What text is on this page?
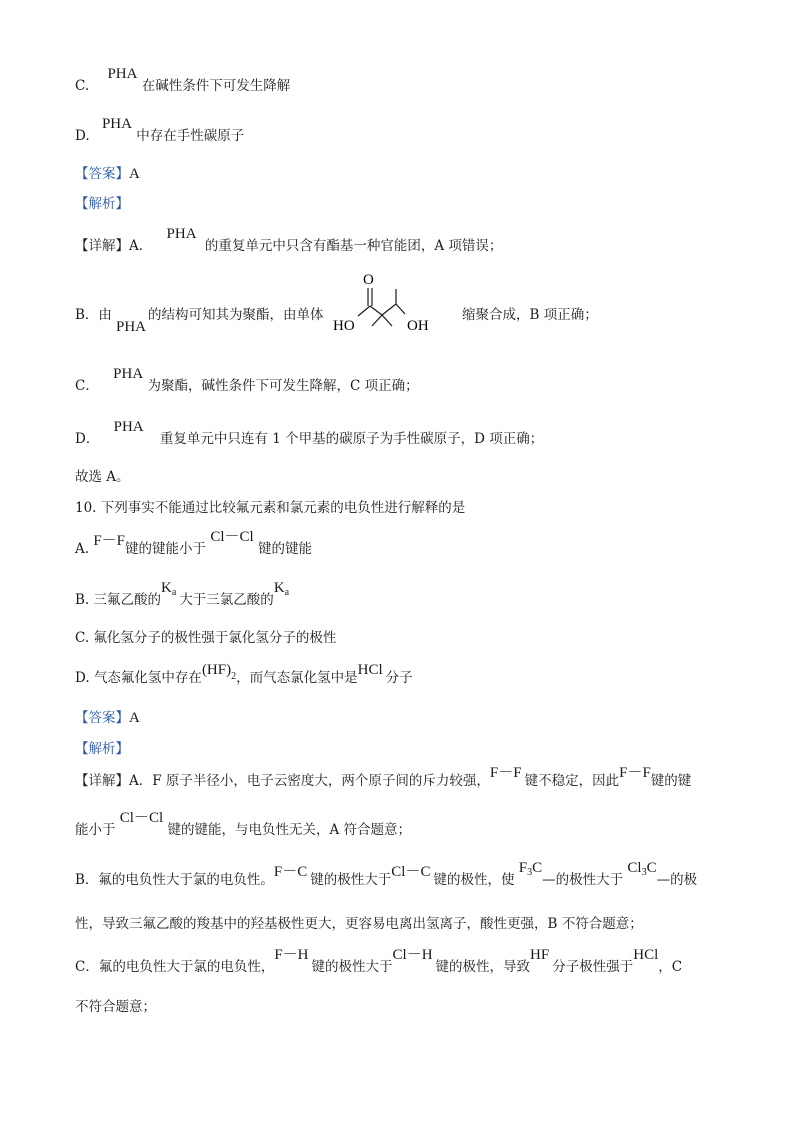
C. PHA 在碱性条件下可发生降解
D. PHA 中存在手性碳原子
【答案】A
【解析】
【详解】A． PHA 的重复单元中只含有酯基一种官能团，A 项错误；
B．由
PHA
的结构可知其为聚酯，由单体
O
HO	OH
缩聚合成，B 项正确；
C． PHA 为聚酯，碱性条件下可发生降解，C 项正确；
D． PHA 重复单元中只连有 1 个甲基的碳原子为手性碳原子，D 项正确；
故选 A。
10. 下列事实不能通过比较氟元素和氯元素的电负性进行解释的是
A. F－F键的键能小于 Cl－Cl 键的键能
B. 三氟乙酸的$K_a$ 大于三氯乙酸的$K_a$
C. 氟化氢分子的极性强于氯化氢分子的极性
D. 气态氟化氢中存在$(HF)_2$，而气态氯化氢中是HCl 分子
【答案】A
【解析】
【详解】A．F 原子半径小，电子云密度大，两个原子间的斥力较强，F－F 键不稳定，因此F－F键的键
能小于 Cl－Cl 键的键能，与电负性无关，A 符合题意；
B．氟的电负性大于氯的电负性。F－C 键的极性大于Cl－C 键的极性，使 $F_3C—$的极性大于 $Cl_3C—$的极
性，导致三氟乙酸的羧基中的羟基极性更大，更容易电离出氢离子，酸性更强，B 不符合题意；
C．氟的电负性大于氯的电负性，F－H键的极性大于Cl－H键的极性，导致HF分子极性强于HCl，C
不符合题意；
